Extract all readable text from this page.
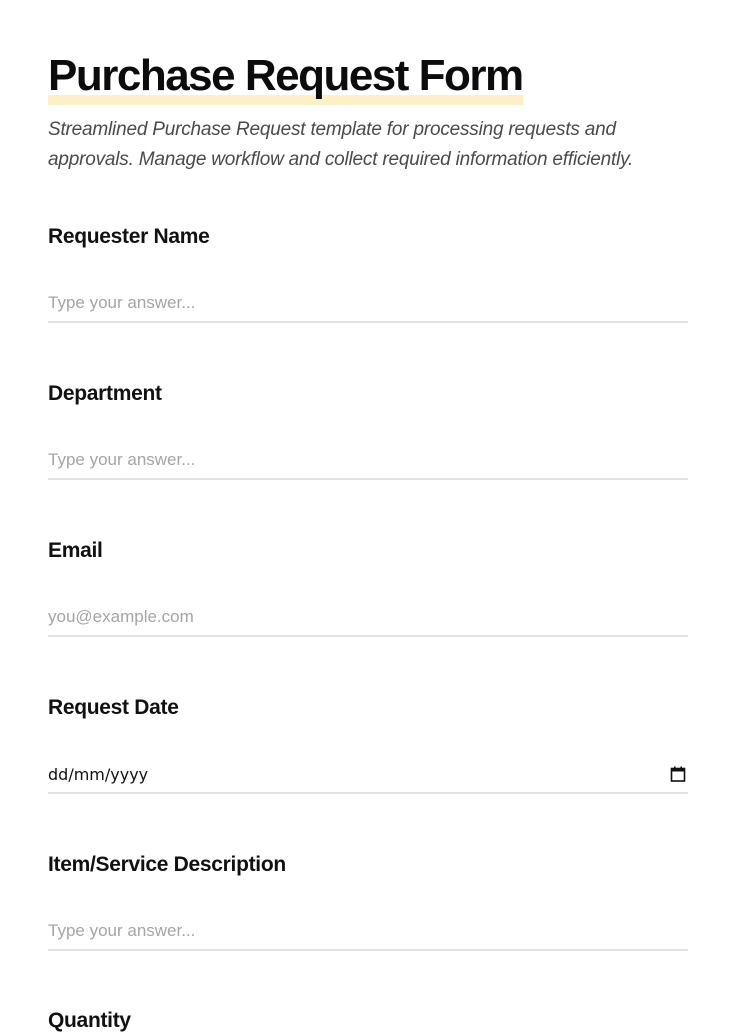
Purchase Request Form

Streamlined Purchase Request template for processing requests and approvals. Manage workflow and collect required information efficiently.

Requester Name
Type your answer...
Department
Type your answer...
Email
you@example.com
Request Date
dd/mm/yyyy
Item/Service Description
Type your answer...
Quantity
